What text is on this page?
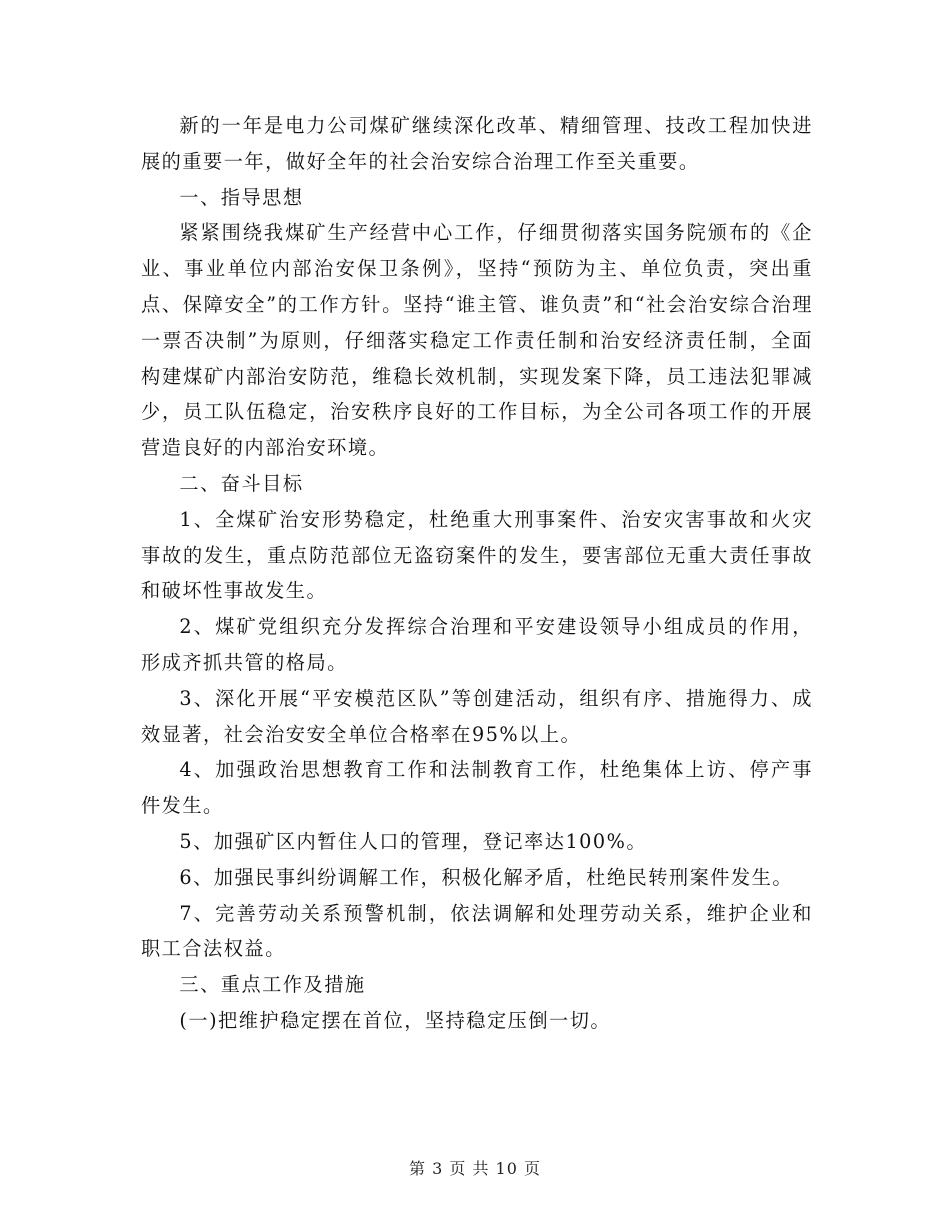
新的一年是电力公司煤矿继续深化改革、精细管理、技改工程加快进展的重要一年，做好全年的社会治安综合治理工作至关重要。

一、指导思想

紧紧围绕我煤矿生产经营中心工作，仔细贯彻落实国务院颁布的《企业、事业单位内部治安保卫条例》，坚持“预防为主、单位负责，突出重点、保障安全”的工作方针。坚持“谁主管、谁负责”和“社会治安综合治理一票否决制”为原则，仔细落实稳定工作责任制和治安经济责任制，全面构建煤矿内部治安防范，维稳长效机制，实现发案下降，员工违法犯罪减少，员工队伍稳定，治安秩序良好的工作目标，为全公司各项工作的开展营造良好的内部治安环境。

二、奋斗目标

1、全煤矿治安形势稳定，杜绝重大刑事案件、治安灾害事故和火灾事故的发生，重点防范部位无盗窃案件的发生，要害部位无重大责任事故和破坏性事故发生。

2、煤矿党组织充分发挥综合治理和平安建设领导小组成员的作用，形成齐抓共管的格局。

3、深化开展“平安模范区队”等创建活动，组织有序、措施得力、成效显著，社会治安安全单位合格率在95%以上。

4、加强政治思想教育工作和法制教育工作，杜绝集体上访、停产事件发生。

5、加强矿区内暂住人口的管理，登记率达100%。

6、加强民事纠纷调解工作，积极化解矛盾，杜绝民转刑案件发生。

7、完善劳动关系预警机制，依法调解和处理劳动关系，维护企业和职工合法权益。

三、重点工作及措施

(一)把维护稳定摆在首位，坚持稳定压倒一切。

第 3 页 共 10 页
